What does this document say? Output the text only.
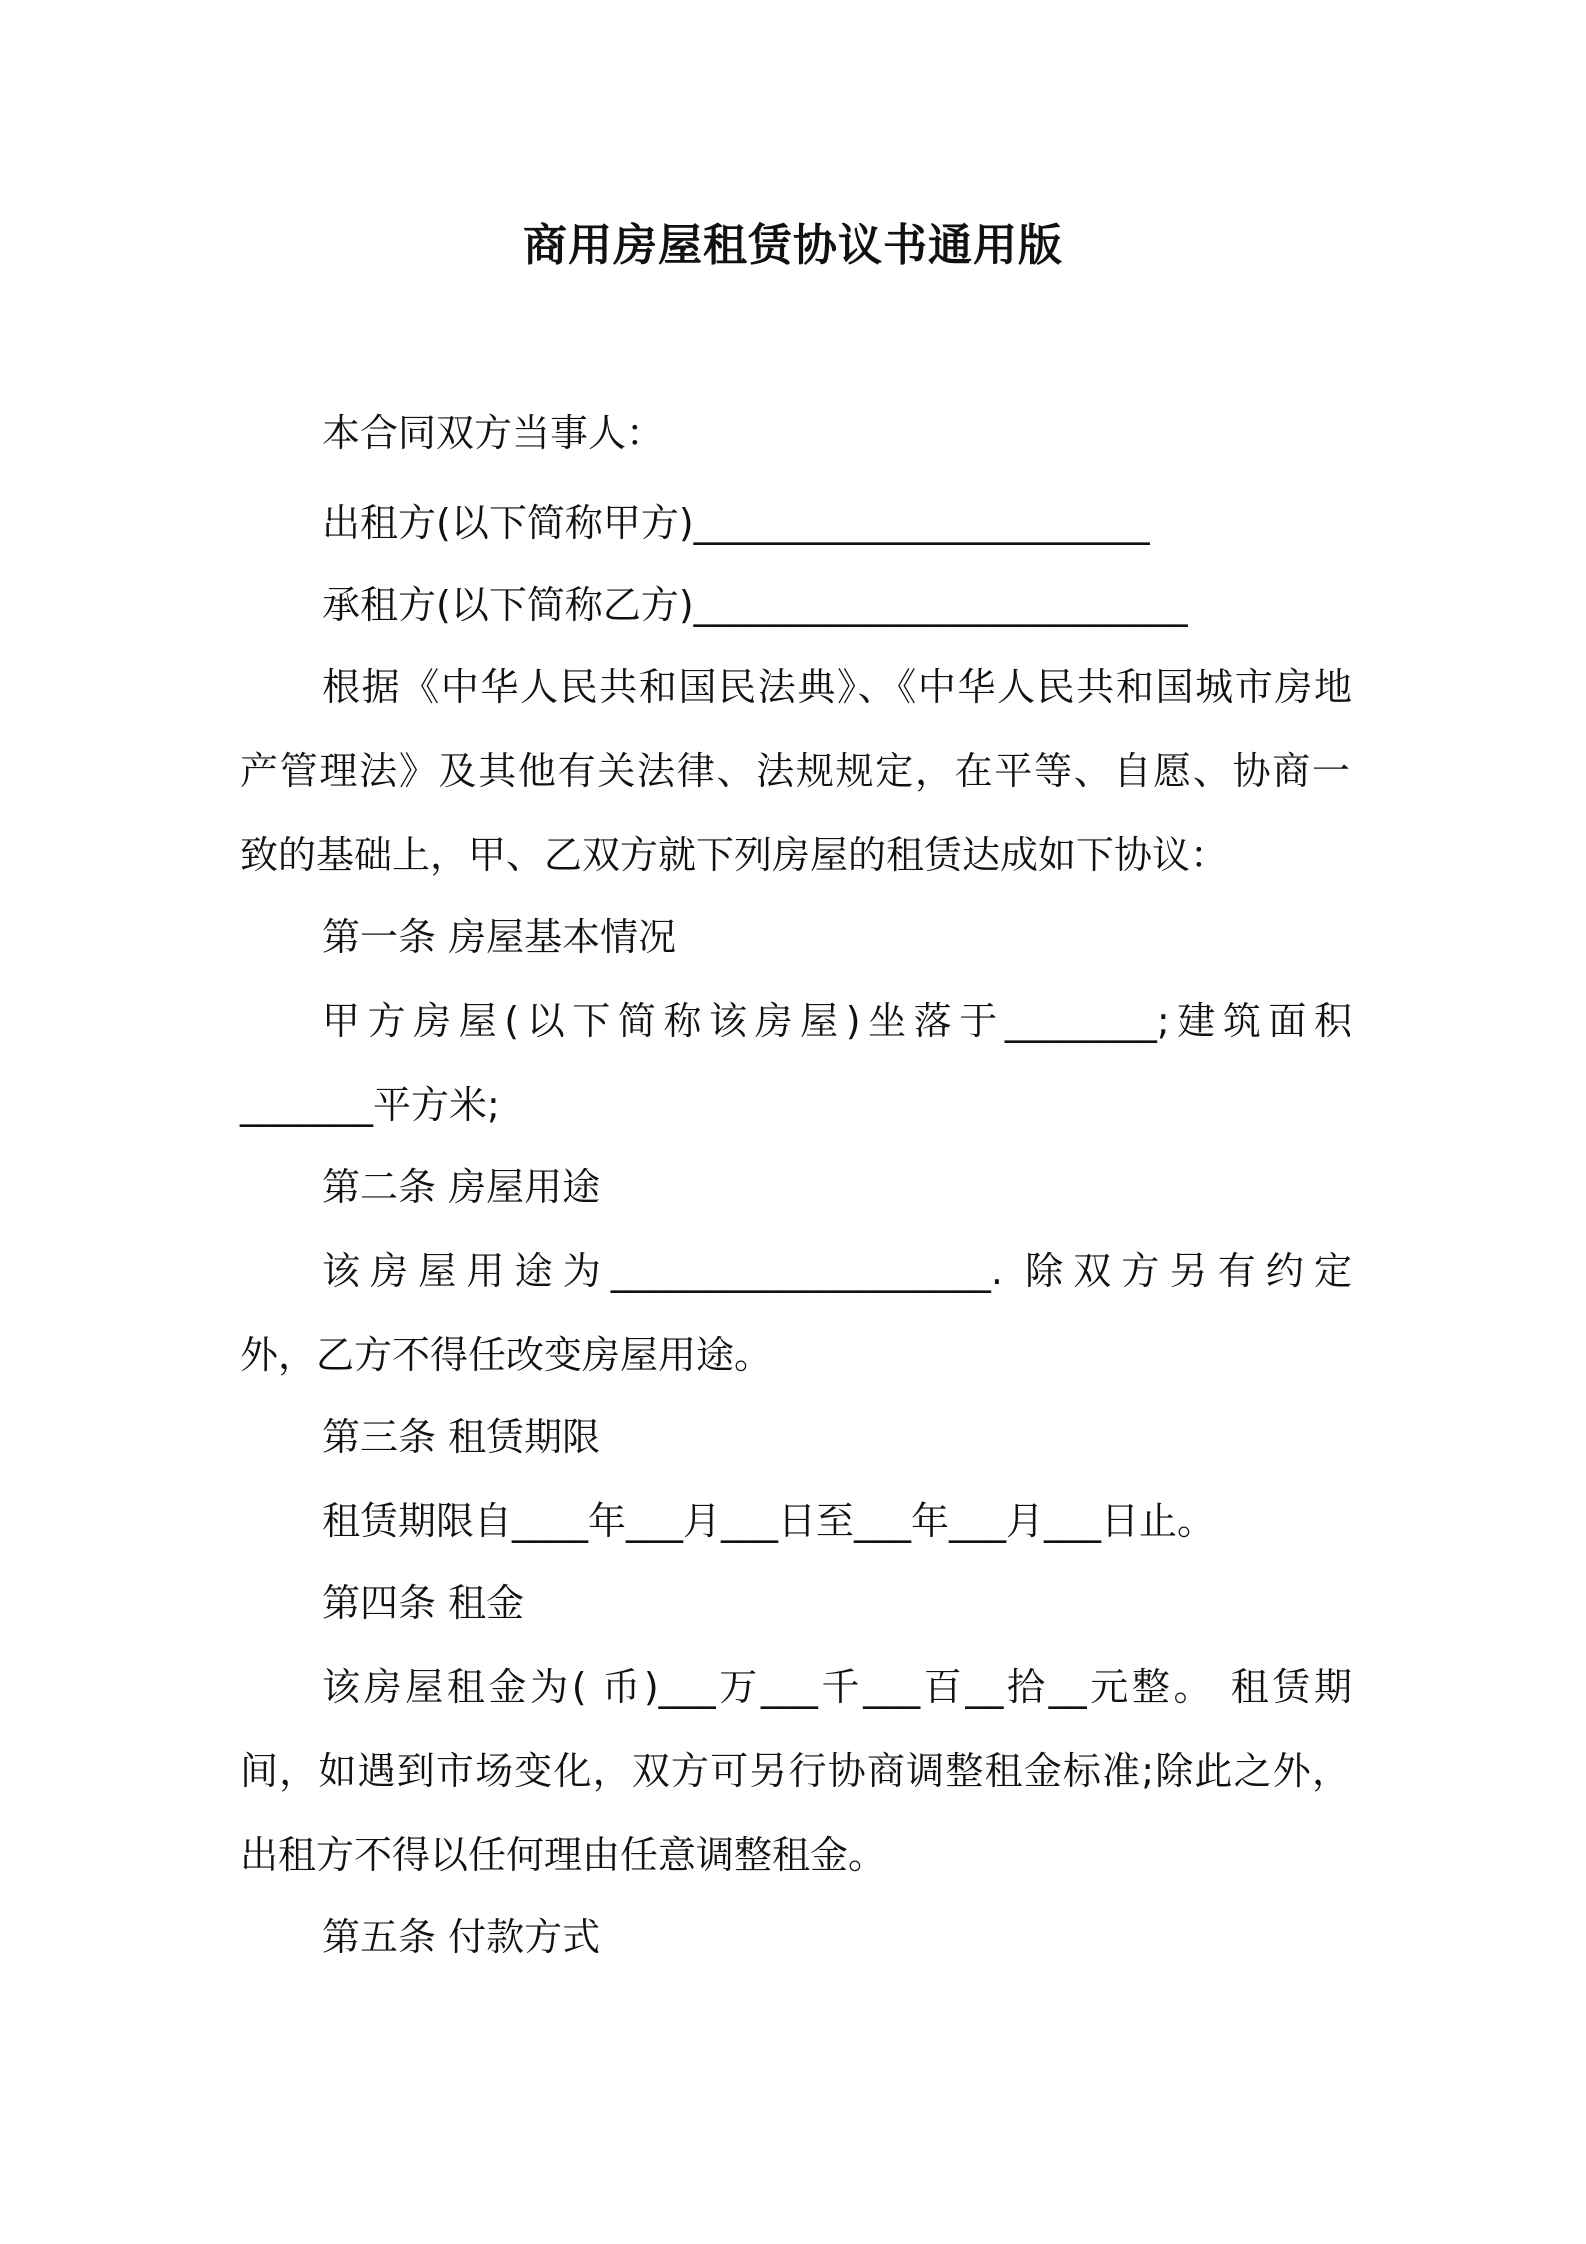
商用房屋租赁协议书通用版
本合同双方当事人：
出租方(以下简称甲方)________________________
承租方(以下简称乙方)__________________________
根据《中华人民共和国民法典》、《中华人民共和国城市房地
产管理法》及其他有关法律、法规规定，在平等、自愿、协商一
致的基础上，甲、乙双方就下列房屋的租赁达成如下协议：
第一条 房屋基本情况
甲方房屋(以下简称该房屋)坐落于________;建筑面积
_______平方米;
第二条 房屋用途
该房屋用途为____________________. 除双方另有约定
外，乙方不得任改变房屋用途。
第三条 租赁期限
租赁期限自____年___月___日至___年___月___日止。
第四条 租金
该房屋租金为( 币)___万___千___百__拾__元整。 租赁期
间，如遇到市场变化，双方可另行协商调整租金标准;除此之外，
出租方不得以任何理由任意调整租金。
第五条 付款方式
